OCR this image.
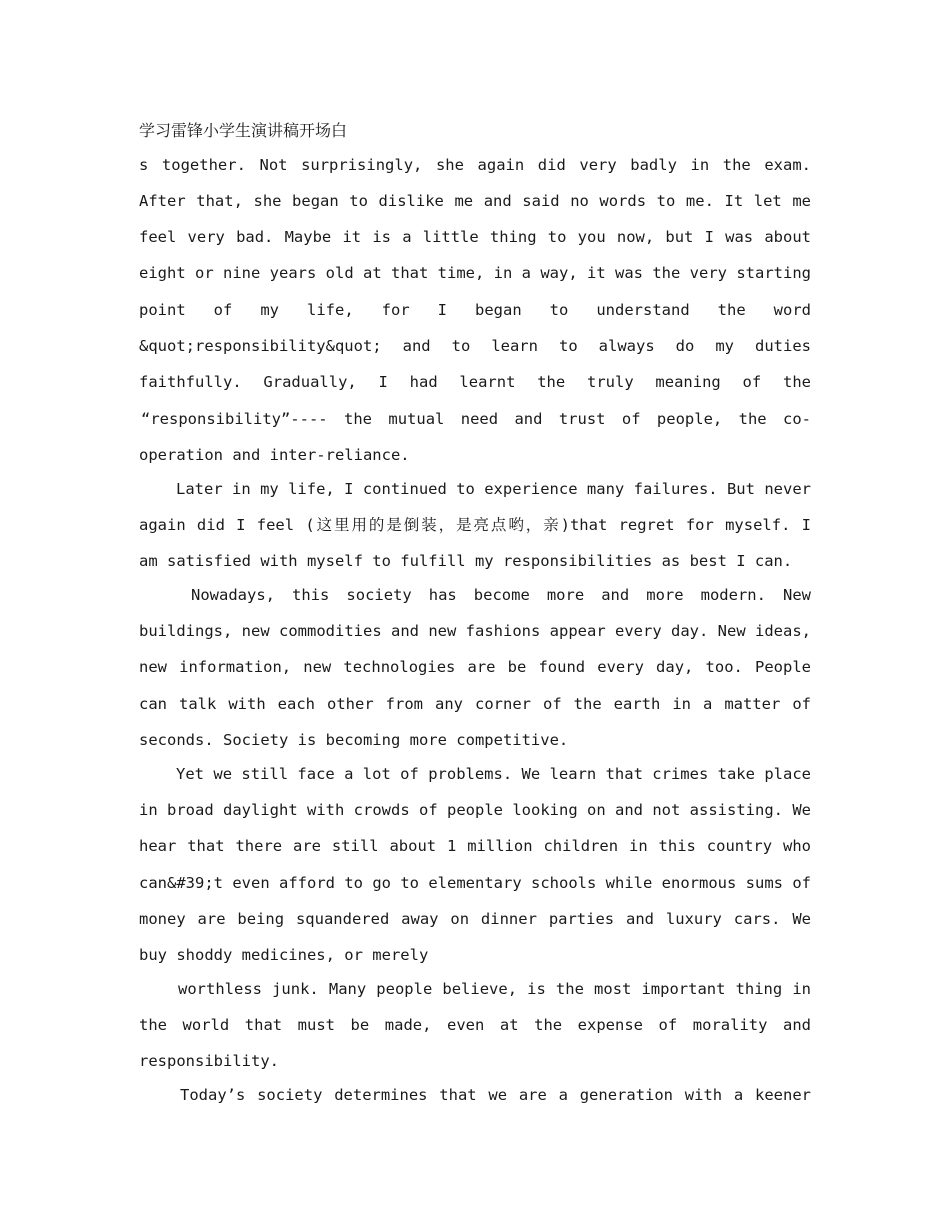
学习雷锋小学生演讲稿开场白
s together. Not surprisingly, she again did very badly in the exam.
After that, she began to dislike me and said no words to me. It let me
feel very bad. Maybe it is a little thing to you now, but I was about
eight or nine years old at that time, in a way, it was the very starting
point of my life, for I began to understand the word
&quot;responsibility&quot; and to learn to always do my duties
faithfully. Gradually, I had learnt the truly meaning of the
“responsibility”---- the mutual need and trust of people, the co-
operation and inter-reliance.
Later in my life, I continued to experience many failures. But never
again did I feel (这里用的是倒装，是亮点哟，亲)that regret for myself. I
am satisfied with myself to fulfill my responsibilities as best I can.
Nowadays, this society has become more and more modern. New
buildings, new commodities and new fashions appear every day. New ideas,
new information, new technologies are be found every day, too. People
can talk with each other from any corner of the earth in a matter of
seconds. Society is becoming more competitive.
Yet we still face a lot of problems. We learn that crimes take place
in broad daylight with crowds of people looking on and not assisting. We
hear that there are still about 1 million children in this country who
can&#39;t even afford to go to elementary schools while enormous sums of
money are being squandered away on dinner parties and luxury cars. We
buy shoddy medicines, or merely
worthless junk. Many people believe, is the most important thing in
the world that must be made, even at the expense of morality and
responsibility.
Today’s society determines that we are a generation with a keener
